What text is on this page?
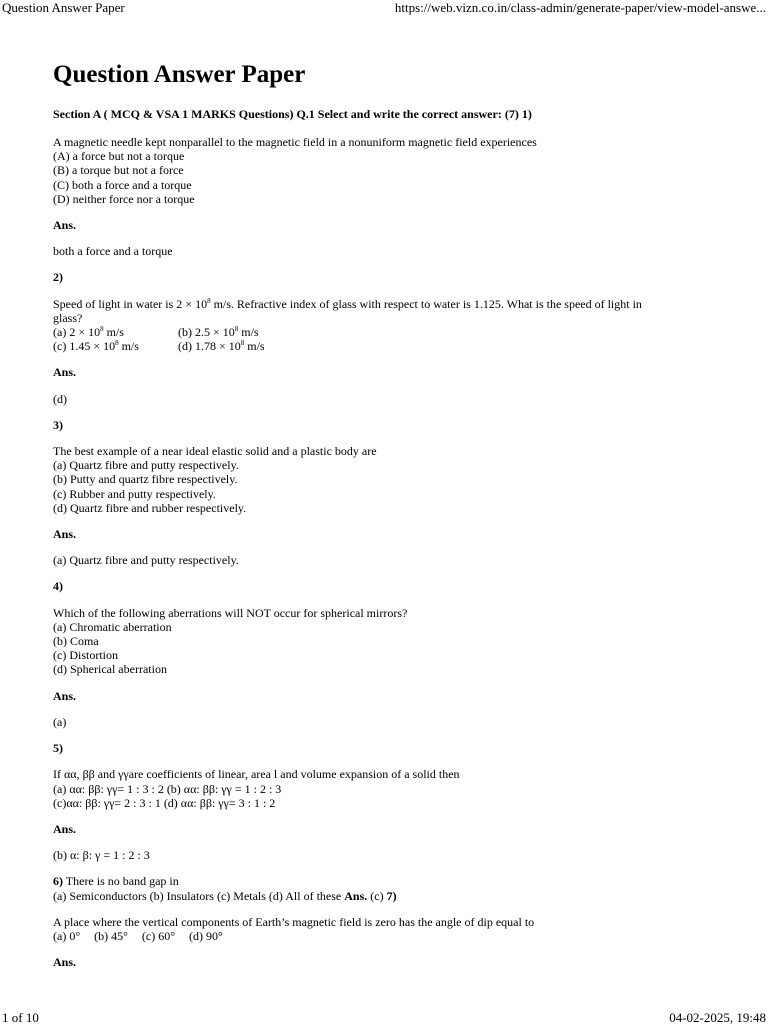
Question Answer Paper	https://web.vizn.co.in/class-admin/generate-paper/view-model-answe...
Question Answer Paper
Section A ( MCQ & VSA 1 MARKS Questions) Q.1 Select and write the correct answer: (7) 1)
A magnetic needle kept nonparallel to the magnetic field in a nonuniform magnetic field experiences
(A) a force but not a torque
(B) a torque but not a force
(C) both a force and a torque
(D) neither force nor a torque
Ans.

both a force and a torque

2)
Speed of light in water is $2 \times 10^8$ m/s. Refractive index of glass with respect to water is 1.125. What is the speed of light in
glass?
(a) $2 \times 10^8$ m/s	(b) $2.5 \times 10^8$ m/s
(c) $1.45 \times 10^8$ m/s	(d) $1.78 \times 10^8$ m/s
Ans.

(d)

3)
The best example of a near ideal elastic solid and a plastic body are
(a) Quartz fibre and putty respectively.
(b) Putty and quartz fibre respectively.
(c) Rubber and putty respectively.
(d) Quartz fibre and rubber respectively.
Ans.

(a) Quartz fibre and putty respectively.

4)
Which of the following aberrations will NOT occur for spherical mirrors?
(a) Chromatic aberration
(b) Coma
(c) Distortion
(d) Spherical aberration
Ans.

(a)

5)
If αα, ββ and γγare coefficients of linear, area l and volume expansion of a solid then
(a) αα: ββ: γγ= 1 : 3 : 2 (b) αα: ββ: γγ = 1 : 2 : 3
(c)αα: ββ: γγ= 2 : 3 : 1 (d) αα: ββ: γγ= 3 : 1 : 2
Ans.

(b) α: β: γ = 1 : 2 : 3

6) There is no band gap in
(a) Semiconductors (b) Insulators (c) Metals (d) All of these Ans. (c) 7)
A place where the vertical components of Earth’s magnetic field is zero has the angle of dip equal to
(a) 0° (b) 45° (c) 60° (d) 90°
Ans.
1 of 10	04-02-2025, 19:48
